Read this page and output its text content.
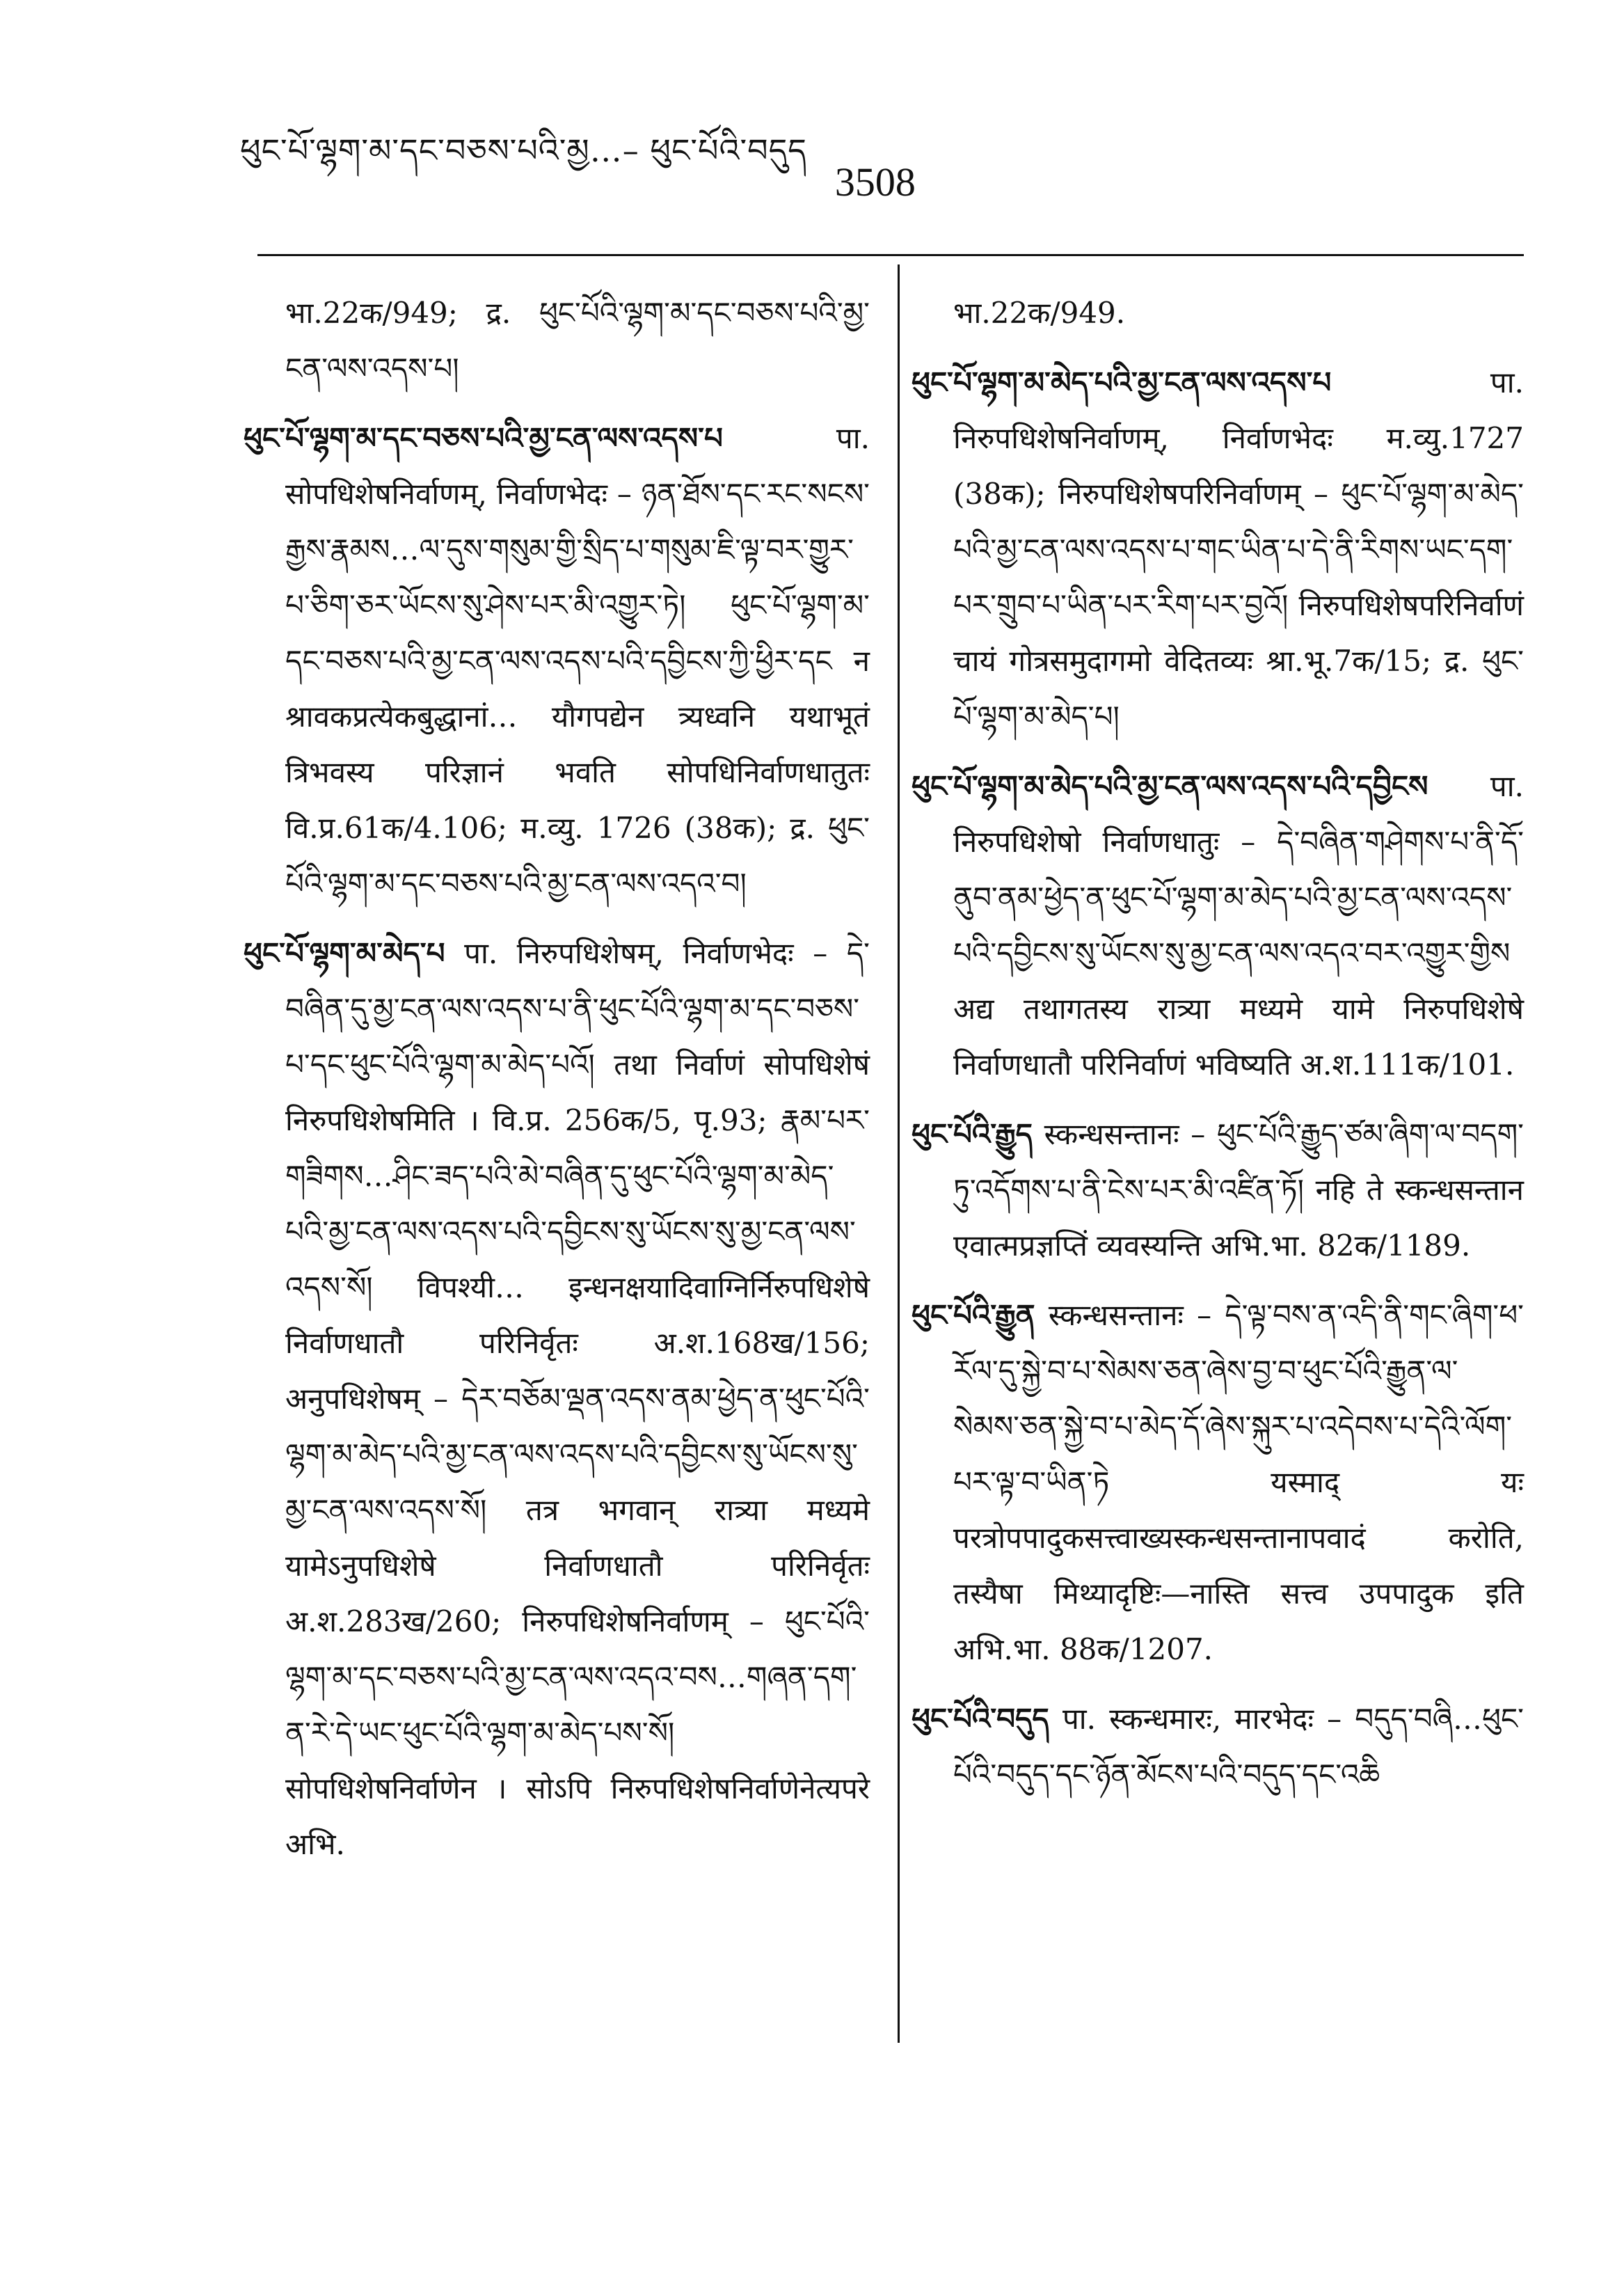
ཕུང་པོ་ལྷག་མ་དང་བཅས་པའི་མྱ…– ཕུང་པོའི་བདུད
3508
भा.22क/949; द्र. ཕུང་པོའི་ལྷག་མ་དང་བཅས་པའི་མྱ་ངན་ལས་འདས་པ།
ཕུང་པོ་ལྷག་མ་དང་བཅས་པའི་མྱ་ངན་ལས་འདས་པ	पा. सोपधिशेषनिर्वाणम्, निर्वाणभेदः – ཉན་ཐོས་དང་རང་སངས་རྒྱས་རྣམས…ལ་དུས་གསུམ་གྱི་སྲིད་པ་གསུམ་ཇི་ལྟ་བར་གྱུར་པ་ཅིག་ཅར་ཡོངས་སུ་ཤེས་པར་མི་འགྱུར་ཏེ། ཕུང་པོ་ལྷག་མ་དང་བཅས་པའི་མྱ་ངན་ལས་འདས་པའི་དབྱིངས་ཀྱི་ཕྱིར་དང न श्रावकप्रत्येकबुद्धानां… यौगपद्येन त्र्यध्वनि यथाभूतं त्रिभवस्य परिज्ञानं भवति सोपधिनिर्वाणधातुतः वि.प्र.61क/4.106; म.व्यु. 1726 (38क); द्र. ཕུང་པོའི་ལྷག་མ་དང་བཅས་པའི་མྱ་ངན་ལས་འདའ་བ།
ཕུང་པོ་ལྷག་མ་མེད་པ पा. निरुपधिशेषम्, निर्वाणभेदः – དེ་བཞིན་དུ་མྱ་ངན་ལས་འདས་པ་ནི་ཕུང་པོའི་ལྷག་མ་དང་བཅས་པ་དང་ཕུང་པོའི་ལྷག་མ་མེད་པའོ། तथा निर्वाणं सोपधिशेषं निरुपधिशेषमिति । वि.प्र. 256क/5, पृ.93; རྣམ་པར་གཟིགས…ཤིང་ཟད་པའི་མེ་བཞིན་དུ་ཕུང་པོའི་ལྷག་མ་མེད་པའི་མྱ་ངན་ལས་འདས་པའི་དབྱིངས་སུ་ཡོངས་སུ་མྱ་ངན་ལས་འདས་སོ། विपश्यी… इन्धनक्षयादिवाग्निर्निरुपधिशेषे निर्वाणधातौ परिनिर्वृतः अ.श.168ख/156; अनुपधिशेषम् – དེར་བཅོམ་ལྡན་འདས་ནམ་ཕྱེད་ན་ཕུང་པོའི་ལྷག་མ་མེད་པའི་མྱ་ངན་ལས་འདས་པའི་དབྱིངས་སུ་ཡོངས་སུ་མྱ་ངན་ལས་འདས་སོ། तत्र भगवान् रात्र्या मध्यमे यामेऽनुपधिशेषे निर्वाणधातौ परिनिर्वृतः अ.श.283ख/260; निरुपधिशेषनिर्वाणम् – ཕུང་པོའི་ལྷག་མ་དང་བཅས་པའི་མྱ་ངན་ལས་འདའ་བས…གཞན་དག་ན་རེ་དེ་ཡང་ཕུང་པོའི་ལྷག་མ་མེད་པས་སོ། सोपधिशेषनिर्वाणेन । सोऽपि निरुपधिशेषनिर्वाणेनेत्यपरे अभि.
भा.22क/949.
ཕུང་པོ་ལྷག་མ་མེད་པའི་མྱ་ངན་ལས་འདས་པ	पा. निरुपधिशेषनिर्वाणम्, निर्वाणभेदः म.व्यु.1727 (38क); निरुपधिशेषपरिनिर्वाणम् – ཕུང་པོ་ལྷག་མ་མེད་པའི་མྱ་ངན་ལས་འདས་པ་གང་ཡིན་པ་དེ་ནི་རིགས་ཡང་དག་པར་གྲུབ་པ་ཡིན་པར་རིག་པར་བྱའོ། निरुपधिशेषपरिनिर्वाणं चायं गोत्रसमुदागमो वेदितव्यः श्रा.भू.7क/15; द्र. ཕུང་པོ་ལྷག་མ་མེད་པ།
ཕུང་པོ་ལྷག་མ་མེད་པའི་མྱ་ངན་ལས་འདས་པའི་དབྱིངས पा. निरुपधिशेषो निर्वाणधातुः – དེ་བཞིན་གཤེགས་པ་ནི་དོ་ནུབ་ནམ་ཕྱེད་ན་ཕུང་པོ་ལྷག་མ་མེད་པའི་མྱ་ངན་ལས་འདས་པའི་དབྱིངས་སུ་ཡོངས་སུ་མྱ་ངན་ལས་འདའ་བར་འགྱུར་གྱིས अद्य तथागतस्य रात्र्या मध्यमे यामे निरुपधिशेषे निर्वाणधातौ परिनिर्वाणं भविष्यति अ.श.111क/101.
ཕུང་པོའི་རྒྱུད स्कन्धसन्तानः – ཕུང་པོའི་རྒྱུད་ཙམ་ཞིག་ལ་བདག་ཏུ་འདོགས་པ་ནི་ངེས་པར་མི་འཛིན་ཏོ། नहि ते स्कन्धसन्तान एवात्मप्रज्ञप्तिं व्यवस्यन्ति अभि.भा. 82क/1189.
ཕུང་པོའི་རྒྱུན स्कन्धसन्तानः – དེ་ལྟ་བས་ན་འདི་ནི་གང་ཞིག་ཕ་རོལ་དུ་སྐྱེ་བ་པ་སེམས་ཅན་ཞེས་བྱ་བ་ཕུང་པོའི་རྒྱུན་ལ་སེམས་ཅན་སྐྱེ་བ་པ་མེད་དོ་ཞེས་སྐུར་པ་འདེབས་པ་དེའི་ལོག་པར་ལྟ་བ་ཡིན་ཏེ यस्माद् यः परत्रोपपादुकसत्त्वाख्यस्कन्धसन्तानापवादं करोति, तस्यैषा मिथ्यादृष्टिः—नास्ति सत्त्व उपपादुक इति अभि.भा. 88क/1207.
ཕུང་པོའི་བདུད पा. स्कन्धमारः, मारभेदः – བདུད་བཞི…ཕུང་པོའི་བདུད་དང་ཉོན་མོངས་པའི་བདུད་དང་འཆི
